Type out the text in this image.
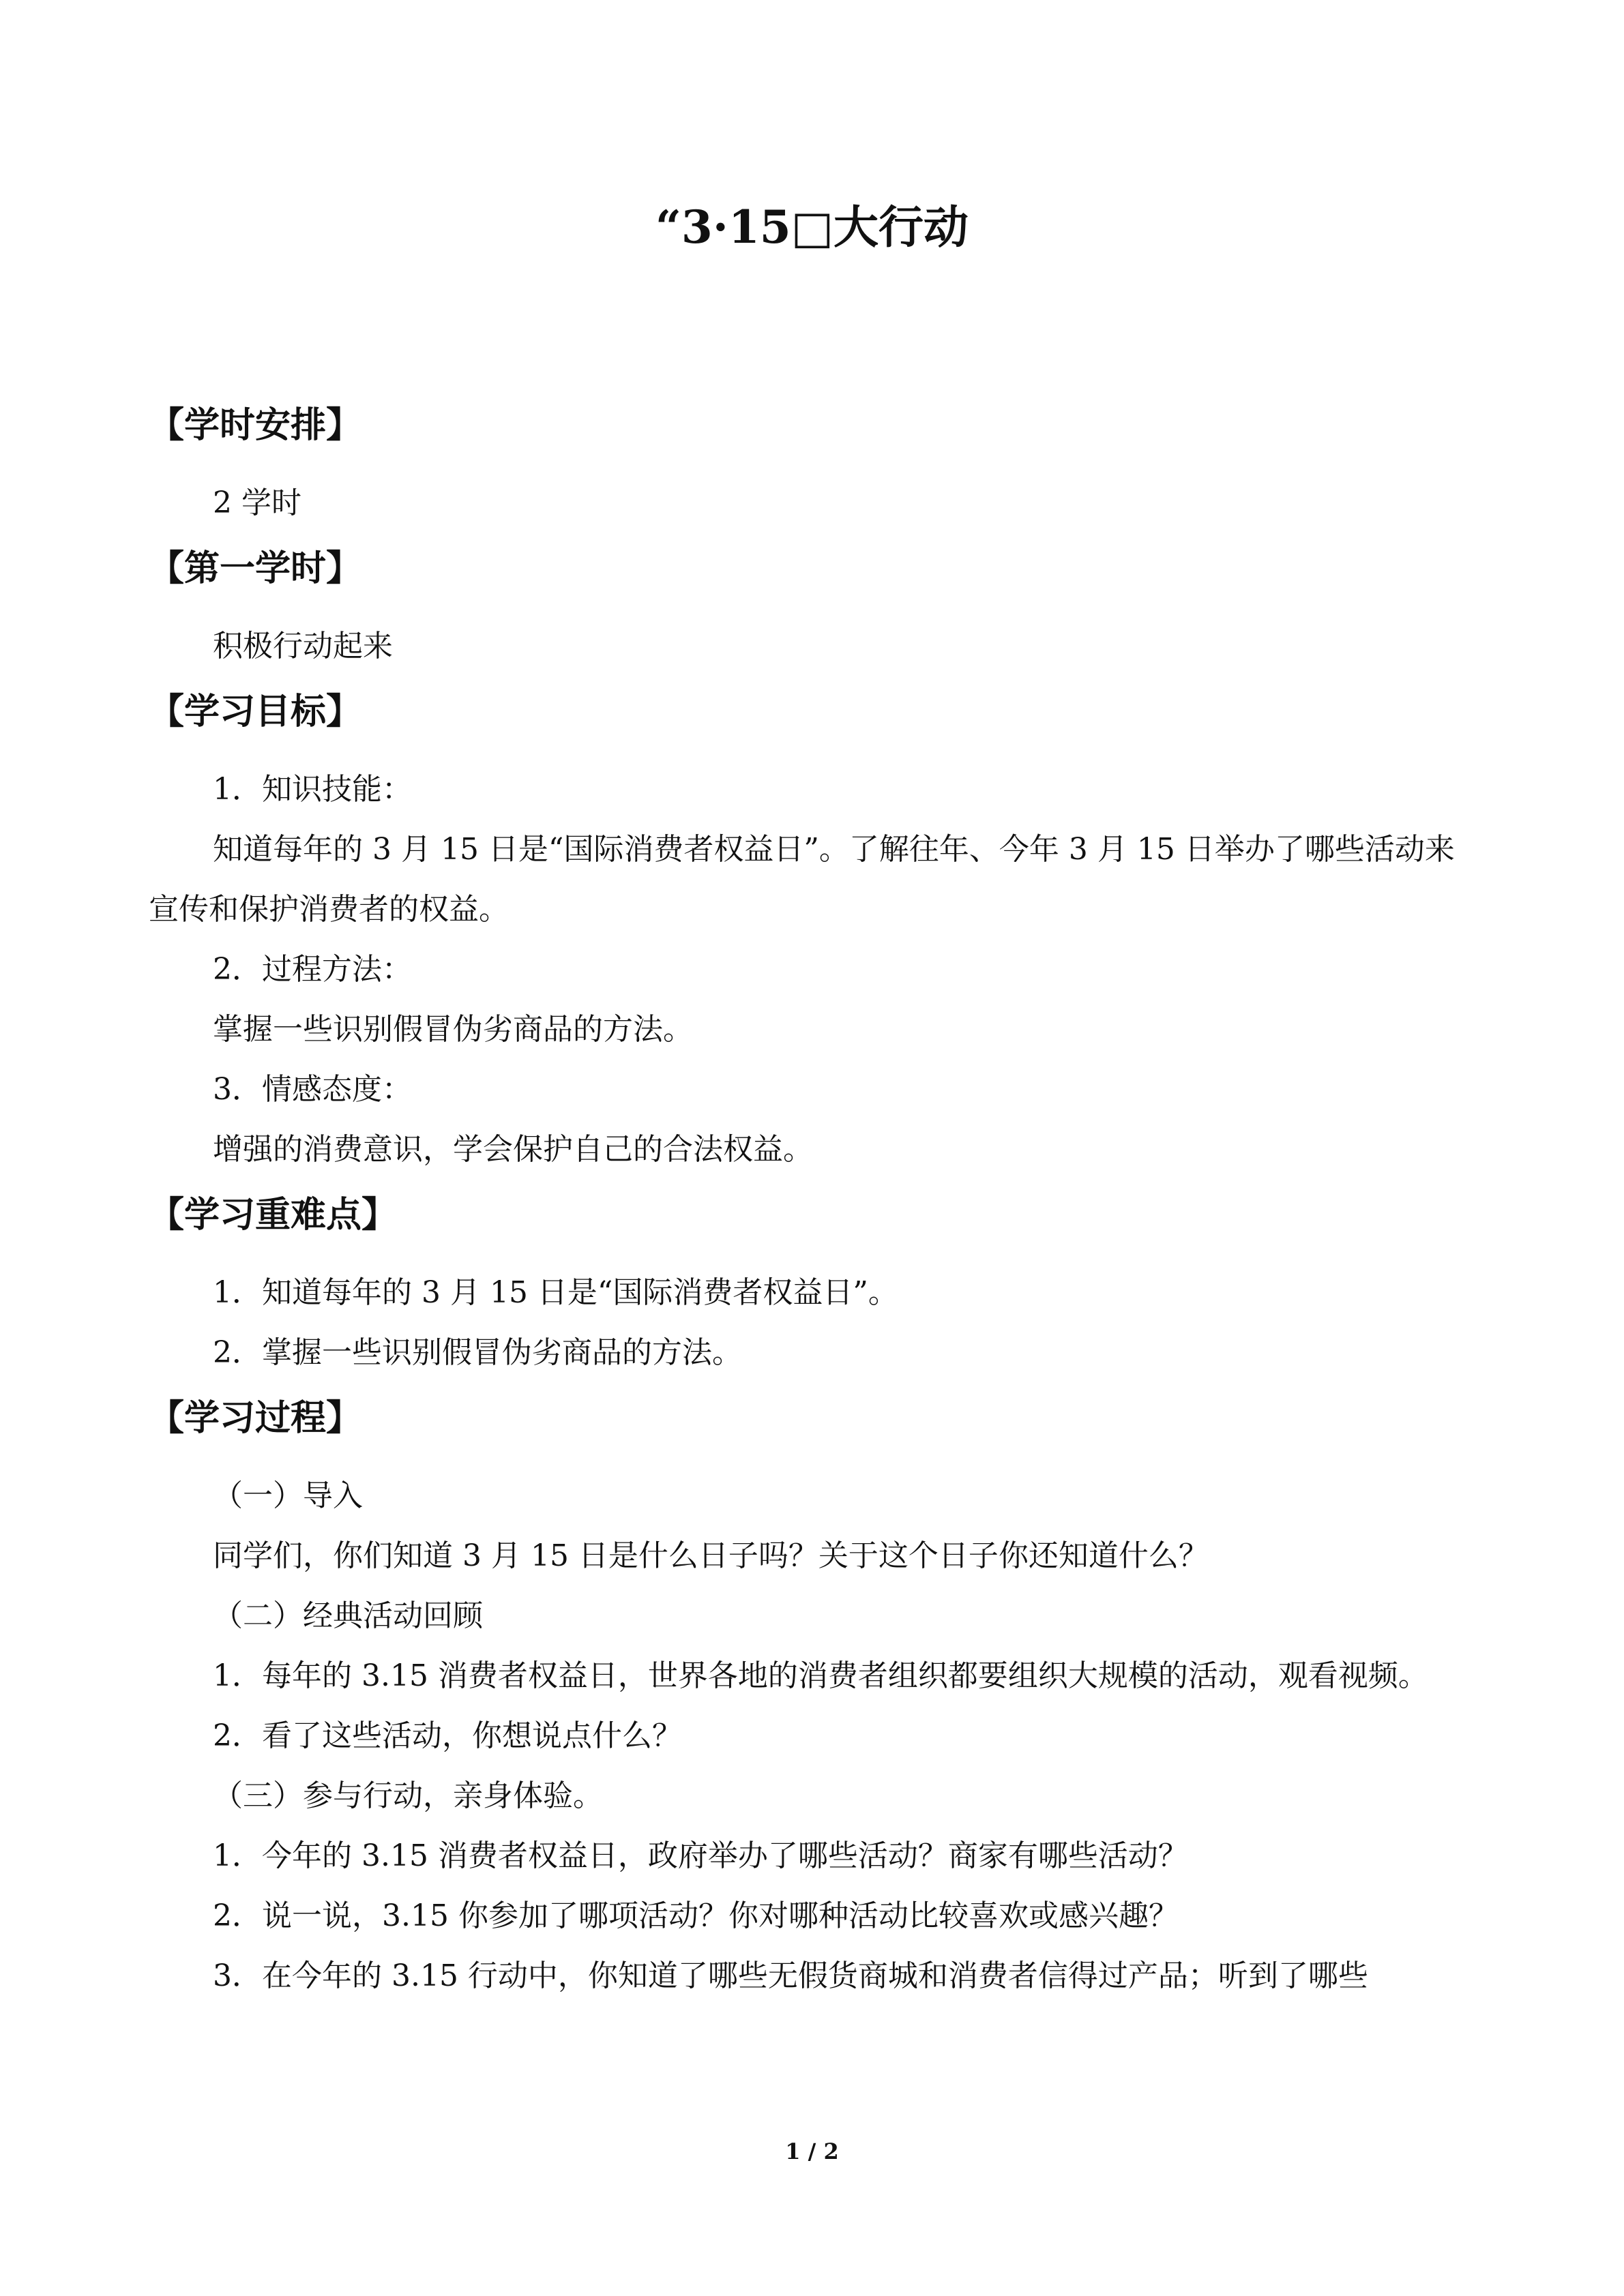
“3·15□大行动
【学时安排】

2 学时

【第一学时】

积极行动起来

【学习目标】

1．知识技能：

知道每年的 3 月 15 日是“国际消费者权益日”。了解往年、今年 3 月 15 日举办了哪些活动来宣传和保护消费者的权益。

2．过程方法：

掌握一些识别假冒伪劣商品的方法。

3．情感态度：

增强的消费意识，学会保护自己的合法权益。

【学习重难点】

1．知道每年的 3 月 15 日是“国际消费者权益日”。

2．掌握一些识别假冒伪劣商品的方法。

【学习过程】

（一）导入

同学们，你们知道 3 月 15 日是什么日子吗？关于这个日子你还知道什么？

（二）经典活动回顾

1．每年的 3.15 消费者权益日，世界各地的消费者组织都要组织大规模的活动，观看视频。

2．看了这些活动，你想说点什么？

（三）参与行动，亲身体验。

1．今年的 3.15 消费者权益日，政府举办了哪些活动？商家有哪些活动？

2．说一说，3.15 你参加了哪项活动？你对哪种活动比较喜欢或感兴趣？

3．在今年的 3.15 行动中，你知道了哪些无假货商城和消费者信得过产品；听到了哪些

1 / 2
